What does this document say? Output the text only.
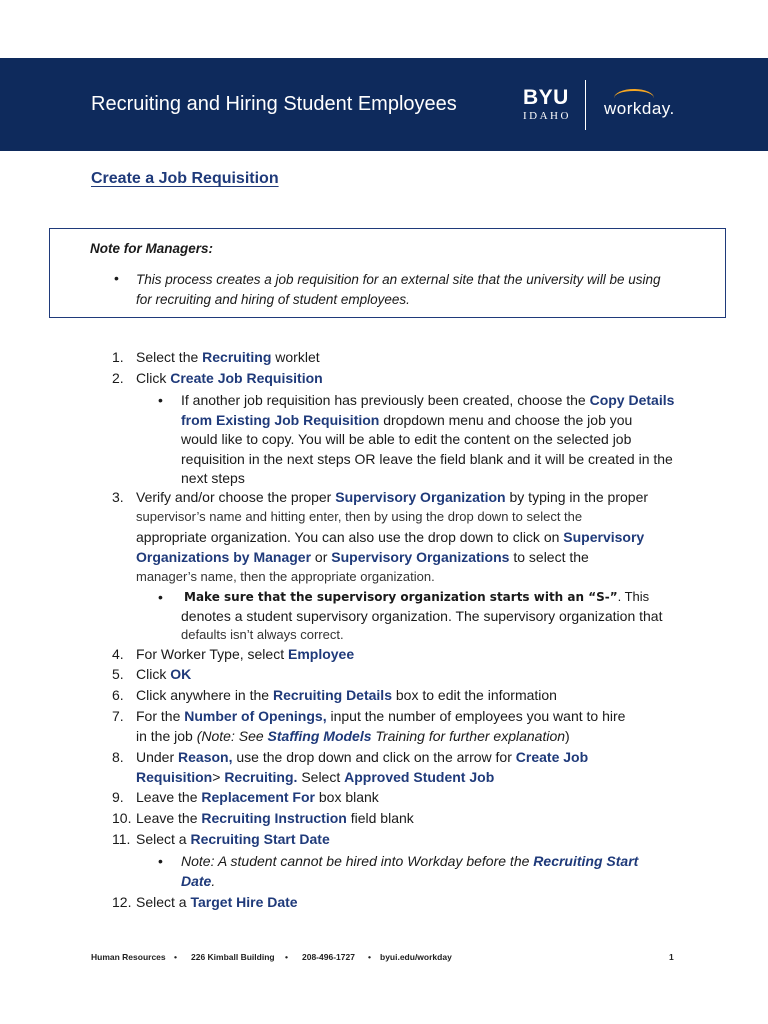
Recruiting and Hiring Student Employees	BYU
IDAHO workday.
Create a Job Requisition
Note for Managers:
• This process creates a job requisition for an external site that the university will be using
for recruiting and hiring of student employees.
1. Select the Recruiting worklet
2. Click Create Job Requisition
• If another job requisition has previously been created, choose the Copy Details
from Existing Job Requisition dropdown menu and choose the job you
would like to copy. You will be able to edit the content on the selected job
requisition in the next steps OR leave the field blank and it will be created in the
next steps
3. Verify and/or choose the proper Supervisory Organization by typing in the proper
supervisor’s name and hitting enter, then by using the drop down to select the
appropriate organization. You can also use the drop down to click on Supervisory
Organizations by Manager or Supervisory Organizations to select the
manager’s name, then the appropriate organization.
• Make sure that the supervisory organization starts with an “S-”. This
denotes a student supervisory organization. The supervisory organization that
defaults isn’t always correct.
4. For Worker Type, select Employee
5. Click OK
6. Click anywhere in the Recruiting Details box to edit the information
7. For the Number of Openings, input the number of employees you want to hire
in the job (Note: See Staffing Models Training for further explanation)
8. Under Reason, use the drop down and click on the arrow for Create Job
Requisition> Recruiting. Select Approved Student Job
9. Leave the Replacement For box blank
10. Leave the Recruiting Instruction field blank
11. Select a Recruiting Start Date
• Note: A student cannot be hired into Workday before the Recruiting Start
Date.
12. Select a Target Hire Date
Human Resources • 226 Kimball Building • 208-496-1727 • byui.edu/workday	1
